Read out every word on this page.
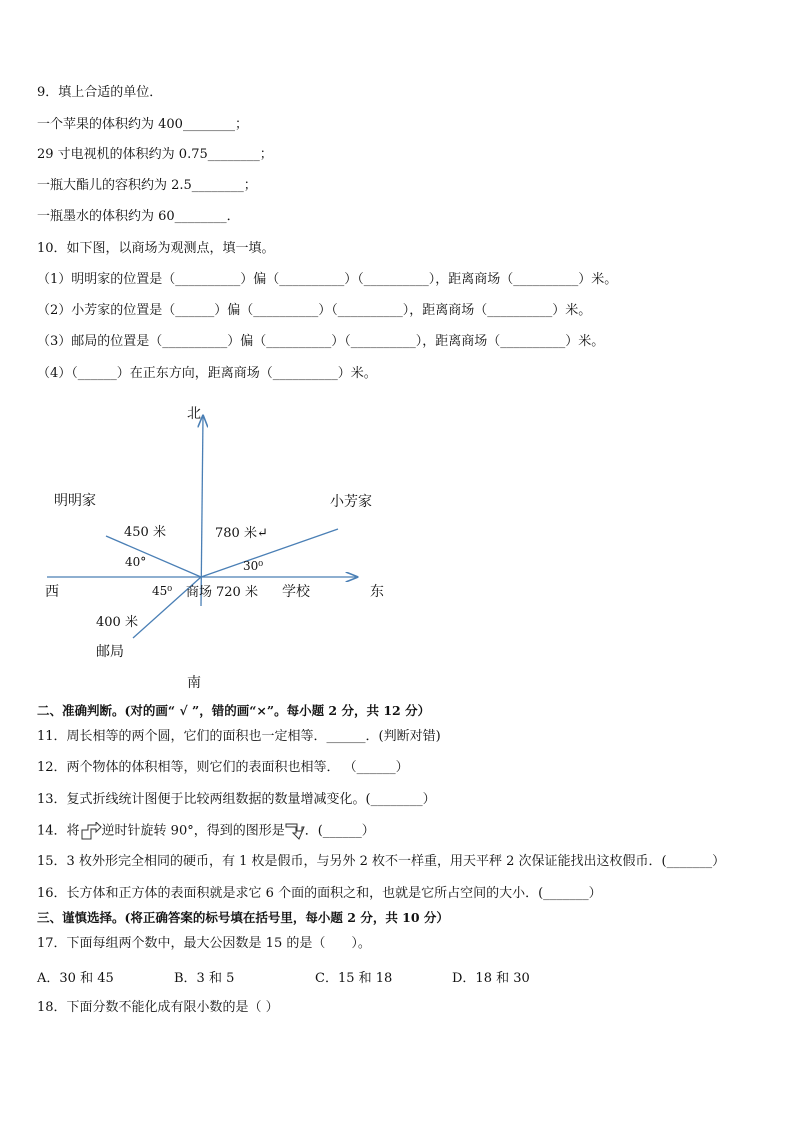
9．填上合适的单位．
一个苹果的体积约为 400________；
29 寸电视机的体积约为 0.75________；
一瓶大酯儿的容积约为 2.5________；
一瓶墨水的体积约为 60________．
10．如下图，以商场为观测点，填一填。
（1）明明家的位置是（__________）偏（__________）（__________），距离商场（__________）米。
（2）小芳家的位置是（______）偏（__________）（__________），距离商场（__________）米。
（3）邮局的位置是（__________）偏（__________）（__________），距离商场（__________）米。
（4）（______）在正东方向，距离商场（__________）米。
北
南
西	东
商场
明明家	小芳家
邮局
学校
450 米	780 米↵
720 米
400 米
40°	30⁰
45⁰
二、准确判断。(对的画“ √ ”，错的画“×”。每小题 2 分，共 12 分）
11．周长相等的两个圆，它们的面积也一定相等．______．(判断对错)
12．两个物体的体积相等，则它们的表面积也相等． （______）
13．复式折线统计图便于比较两组数据的数量增减变化。(________）
14．将 逆时针旋转 90°，得到的图形是 ．(______）
15．3 枚外形完全相同的硬币，有 1 枚是假币，与另外 2 枚不一样重，用天平秤 2 次保证能找出这枚假币．(_______）
16．长方体和正方体的表面积就是求它 6 个面的面积之和，也就是它所占空间的大小．(_______）
三、谨慎选择。(将正确答案的标号填在括号里，每小题 2 分，共 10 分）
17．下面每组两个数中，最大公因数是 15 的是（　　）。
A．30 和 45	B．3 和 5	C．15 和 18	D．18 和 30
18．下面分数不能化成有限小数的是（ ）
